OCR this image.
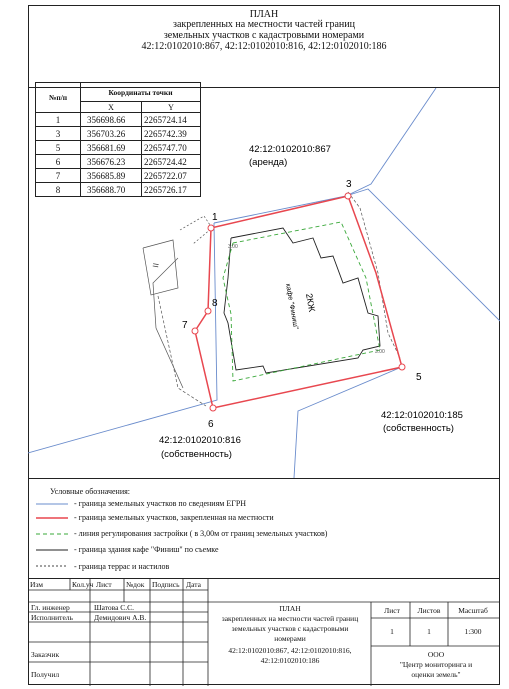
ПЛАН
закрепленных на местности частей границ
земельных участков с кадастровыми номерами
42:12:0102010:867, 42:12:0102010:816, 42:12:0102010:186
№п/п	Координаты точки	
	X	Y
1	356698.66	2265724.14
3	356703.26	2265742.39
5	356681.69	2265747.70
6	356676.23	2265724.42
7	356685.89	2265722.07
8	356688.70	2265726.17
1
3
5
6
7
8
3.00
3.00
II
2КЖ
кафе "Финиш"
42:12:0102010:867
(аренда)
42:12:0102010:185
(собственность)
42:12:0102010:816
(собственность)
Условные обозначения:
- граница земельных участков по сведениям ЕГРН
- граница земельных участков, закрепленная на местности
- линия регулирования застройки ( в 3,00м от границ земельных участков)
- граница здания кафе "Финиш" по съемке
- граница террас и настилов
Изм	Кол.уч Лист №док Подпись Дата
Гл. инженер	Шатова С.С.
Исполнитель	Демидович А.В.
Заказчик
Получил
ПЛАН
закрепленных на местности частей границ
земельных участков с кадастровыми
номерами
42:12:0102010:867, 42:12:0102010:816,
42:12:0102010:186
Лист	Листов	Масштаб
1	1	1:300
ООО
"Центр мониторинга и
оценки земель"
